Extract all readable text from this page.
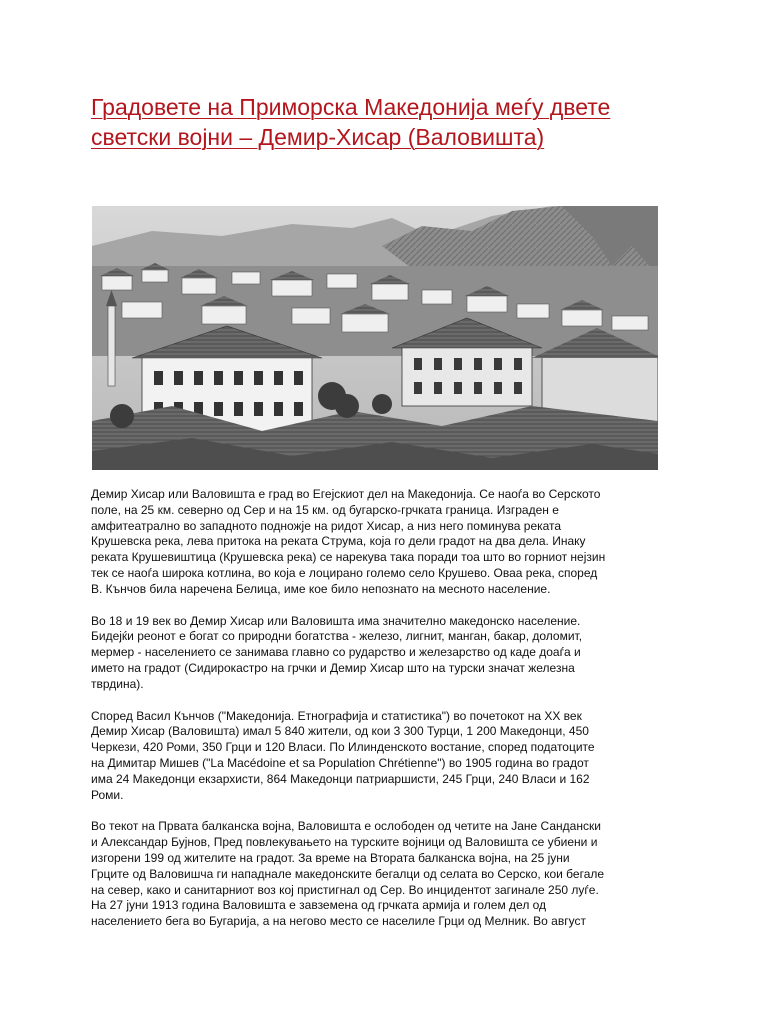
Градовете на Приморска Македонија меѓу двете светски војни – Демир-Хисар (Валовишта)

Демир Хисар или Валовишта е град во Егејскиот дел на Македонија. Се наоѓа во Серското
поле, на 25 км. северно од Сер и на 15 км. од бугарско-грчката граница. Изграден е
амфитеатрално во западното подножје на ридот Хисар, а низ него поминува реката
Крушевска река, лева притока на реката Струма, која го дели градот на два дела. Инаку
реката Крушевиштица (Крушевска река) се нарекува така поради тоа што во горниот нејзин
тек се наоѓа широка котлина, во која е лоцирано големо село Крушево. Оваа река, според
В. Кънчов била наречена Белица, име кое било непознато на месното население.

Во 18 и 19 век во Демир Хисар или Валовишта има значително македонско население.
Бидејќи реонот е богат со природни богатства - железо, лигнит, манган, бакар, доломит,
мермер - населението се занимава главно со рударство и железарство од каде доаѓа и
името на градот (Сидирокастро на грчки и Демир Хисар што на турски значат железна
тврдина).

Според Васил Кънчов ("Македонија. Етнографија и статистика") во почетокот на XX век
Демир Хисар (Валовишта) имал 5 840 жители, од кои 3 300 Турци, 1 200 Македонци, 450
Черкези, 420 Роми, 350 Грци и 120 Власи. По Илинденското востание, според податоците
на Димитар Мишев ("La Macédoine et sa Population Chrétienne") во 1905 година во градот
има 24 Македонци екзархисти, 864 Македонци патриаршисти, 245 Грци, 240 Власи и 162
Роми.

Во текот на Првата балканска војна, Валовишта е ослободен од четите на Јане Сандански
и Александар Бујнов, Пред повлекувањето на турските војници од Валовишта се убиени и
изгорени 199 од жителите на градот. За време на Втората балканска војна, на 25 јуни
Грците од Валовишча ги нападнале македонските бегалци од селата во Серско, кои бегале
на север, како и санитарниот воз кој пристигнал од Сер. Во инцидентот загинале 250 луѓе.
На 27 јуни 1913 година Валовишта е завземена од грчката армија и голем дел од
населението бега во Бугарија, а на негово место се населиле Грци од Мелник. Во август
